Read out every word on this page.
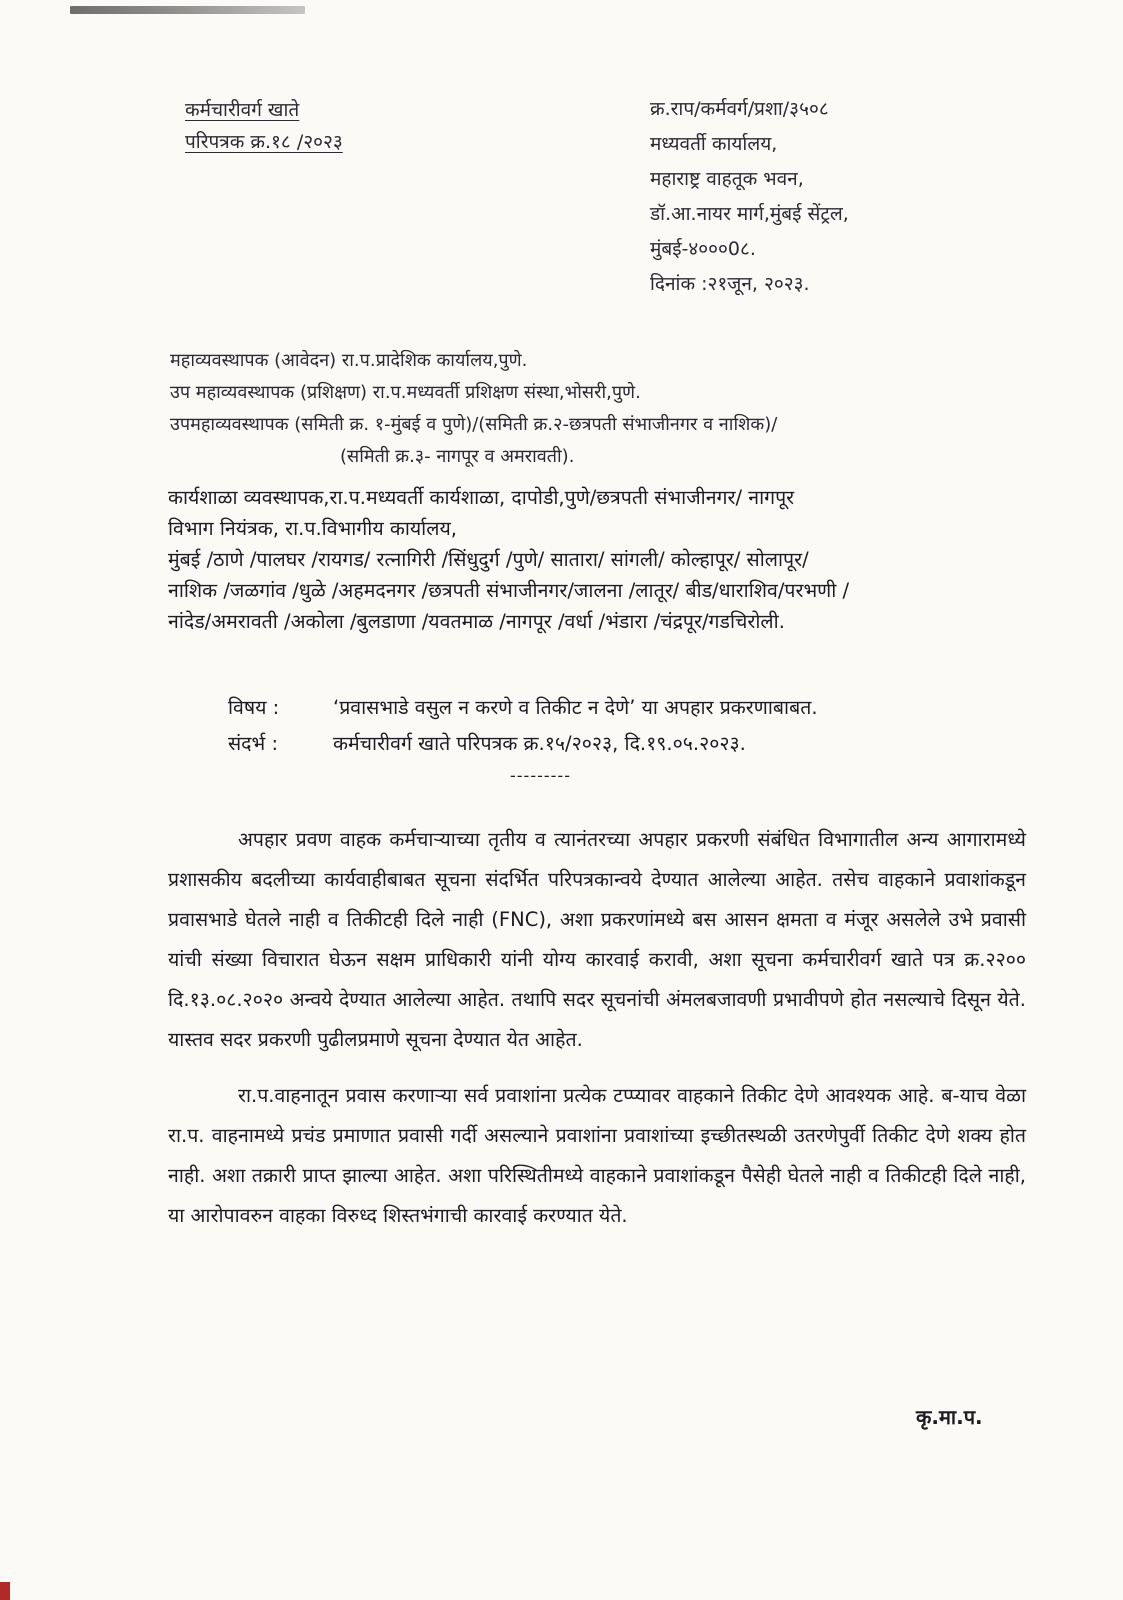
कर्मचारीवर्ग खाते
परिपत्रक क्र.१८ /२०२३
क्र.राप/कर्मवर्ग/प्रशा/३५०८
मध्यवर्ती कार्यालय,
महाराष्ट्र वाहतूक भवन,
डॉ.आ.नायर मार्ग,मुंबई सेंट्रल,
मुंबई-४०००0८.
दिनांक :२१जून, २०२३.
महाव्यवस्थापक (आवेदन) रा.प.प्रादेशिक कार्यालय,पुणे.
उप महाव्यवस्थापक (प्रशिक्षण) रा.प.मध्यवर्ती प्रशिक्षण संस्था,भोसरी,पुणे.
उपमहाव्यवस्थापक (समिती क्र. १-मुंबई व पुणे)/(समिती क्र.२-छत्रपती संभाजीनगर व नाशिक)/
(समिती क्र.३- नागपूर व अमरावती).
कार्यशाळा व्यवस्थापक,रा.प.मध्यवर्ती कार्यशाळा, दापोडी,पुणे/छत्रपती संभाजीनगर/ नागपूर
विभाग नियंत्रक, रा.प.विभागीय कार्यालय,
मुंबई /ठाणे /पालघर /रायगड/ रत्नागिरी /सिंधुदुर्ग /पुणे/ सातारा/ सांगली/ कोल्हापूर/ सोलापूर/
नाशिक /जळगांव /धुळे /अहमदनगर /छत्रपती संभाजीनगर/जालना /लातूर/ बीड/धाराशिव/परभणी /
नांदेड/अमरावती /अकोला /बुलडाणा /यवतमाळ /नागपूर /वर्धा /भंडारा /चंद्रपूर/गडचिरोली.
विषय :	‘प्रवासभाडे वसुल न करणे व तिकीट न देणे’ या अपहार प्रकरणाबाबत.
संदर्भ :	कर्मचारीवर्ग खाते परिपत्रक क्र.१५/२०२३, दि.१९.०५.२०२३.
---------

अपहार प्रवण वाहक कर्मचाऱ्याच्या तृतीय व त्यानंतरच्या अपहार प्रकरणी संबंधित विभागातील अन्य आगारामध्ये प्रशासकीय बदलीच्या कार्यवाहीबाबत सूचना संदर्भित परिपत्रकान्वये देण्यात आलेल्या आहेत. तसेच वाहकाने प्रवाशांकडून प्रवासभाडे घेतले नाही व तिकीटही दिले नाही (FNC), अशा प्रकरणांमध्ये बस आसन क्षमता व मंजूर असलेले उभे प्रवासी यांची संख्या विचारात घेऊन सक्षम प्राधिकारी यांनी योग्य कारवाई करावी, अशा सूचना कर्मचारीवर्ग खाते पत्र क्र.२२०० दि.१३.०८.२०२० अन्वये देण्यात आलेल्या आहेत. तथापि सदर सूचनांची अंमलबजावणी प्रभावीपणे होत नसल्याचे दिसून येते. यास्तव सदर प्रकरणी पुढीलप्रमाणे सूचना देण्यात येत आहेत.

रा.प.वाहनातून प्रवास करणाऱ्या सर्व प्रवाशांना प्रत्येक टप्प्यावर वाहकाने तिकीट देणे आवश्यक आहे. ब-याच वेळा रा.प. वाहनामध्ये प्रचंड प्रमाणात प्रवासी गर्दी असल्याने प्रवाशांना प्रवाशांच्या इच्छीतस्थळी उतरणेपुर्वी तिकीट देणे शक्य होत नाही. अशा तक्रारी प्राप्त झाल्या आहेत. अशा परिस्थितीमध्ये वाहकाने प्रवाशांकडून पैसेही घेतले नाही व तिकीटही दिले नाही, या आरोपावरुन वाहका विरुध्द शिस्तभंगाची कारवाई करण्यात येते.

कृ.मा.प.
